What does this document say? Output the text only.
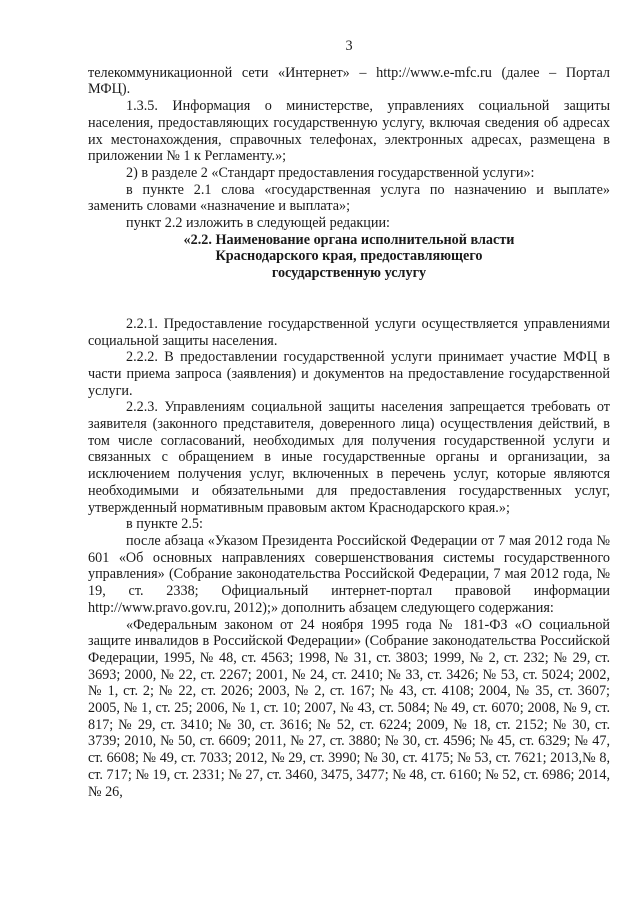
3

телекоммуникационной сети «Интернет» – http://www.e-mfc.ru (далее – Портал МФЦ).

1.3.5. Информация о министерстве, управлениях социальной защиты населения, предоставляющих государственную услугу, включая сведения об адресах их местонахождения, справочных телефонах, электронных адресах, размещена в приложении № 1 к Регламенту.»;

2) в разделе 2 «Стандарт предоставления государственной услуги»:

в пункте 2.1 слова «государственная услуга по назначению и выплате» заменить словами «назначение и выплата»;

пункт 2.2 изложить в следующей редакции:

«2.2. Наименование органа исполнительной власти
Краснодарского края, предоставляющего
государственную услугу

2.2.1. Предоставление государственной услуги осуществляется управлениями социальной защиты населения.

2.2.2. В предоставлении государственной услуги принимает участие МФЦ в части приема запроса (заявления) и документов на предоставление государственной услуги.

2.2.3. Управлениям социальной защиты населения запрещается требовать от заявителя (законного представителя, доверенного лица) осуществления действий, в том числе согласований, необходимых для получения государственной услуги и связанных с обращением в иные государственные органы и организации, за исключением получения услуг, включенных в перечень услуг, которые являются необходимыми и обязательными для предоставления государственных услуг, утвержденный нормативным правовым актом Краснодарского края.»;

в пункте 2.5:

после абзаца «Указом Президента Российской Федерации от 7 мая 2012 года № 601 «Об основных направлениях совершенствования системы государственного управления» (Собрание законодательства Российской Федерации, 7 мая 2012 года, № 19, ст. 2338; Официальный интернет-портал правовой информации http://www.pravo.gov.ru, 2012);» дополнить абзацем следующего содержания:

«Федеральным законом от 24 ноября 1995 года № 181-ФЗ «О социальной защите инвалидов в Российской Федерации» (Собрание законодательства Российской Федерации, 1995, № 48, ст. 4563; 1998, № 31, ст. 3803; 1999, № 2, ст. 232; № 29, ст. 3693; 2000, № 22, ст. 2267; 2001, № 24, ст. 2410; № 33, ст. 3426; № 53, ст. 5024; 2002, № 1, ст. 2; № 22, ст. 2026; 2003, № 2, ст. 167; № 43, ст. 4108; 2004, № 35, ст. 3607; 2005, № 1, ст. 25; 2006, № 1, ст. 10; 2007, № 43, ст. 5084; № 49, ст. 6070; 2008, № 9, ст. 817; № 29, ст. 3410; № 30, ст. 3616; № 52, ст. 6224; 2009, № 18, ст. 2152; № 30, ст. 3739; 2010, № 50, ст. 6609; 2011, № 27, ст. 3880; № 30, ст. 4596; № 45, ст. 6329; № 47, ст. 6608; № 49, ст. 7033; 2012, № 29, ст. 3990; № 30, ст. 4175; № 53, ст. 7621; 2013,№ 8, ст. 717; № 19, ст. 2331; № 27, ст. 3460, 3475, 3477; № 48, ст. 6160; № 52, ст. 6986; 2014, № 26,
